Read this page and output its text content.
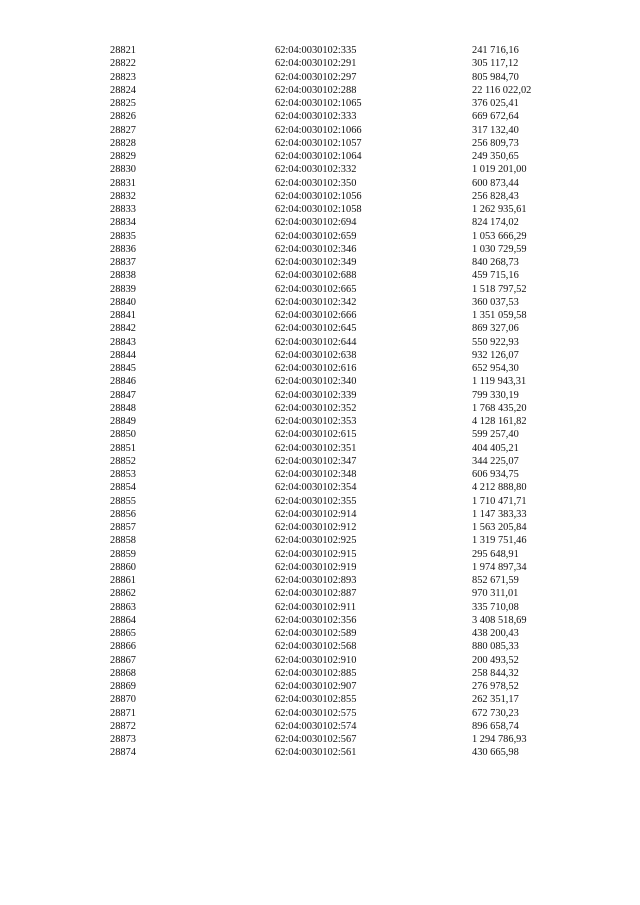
28821	62:04:0030102:335	241 716,16
28822	62:04:0030102:291	305 117,12
28823	62:04:0030102:297	805 984,70
28824	62:04:0030102:288	22 116 022,02
28825	62:04:0030102:1065	376 025,41
28826	62:04:0030102:333	669 672,64
28827	62:04:0030102:1066	317 132,40
28828	62:04:0030102:1057	256 809,73
28829	62:04:0030102:1064	249 350,65
28830	62:04:0030102:332	1 019 201,00
28831	62:04:0030102:350	600 873,44
28832	62:04:0030102:1056	256 828,43
28833	62:04:0030102:1058	1 262 935,61
28834	62:04:0030102:694	824 174,02
28835	62:04:0030102:659	1 053 666,29
28836	62:04:0030102:346	1 030 729,59
28837	62:04:0030102:349	840 268,73
28838	62:04:0030102:688	459 715,16
28839	62:04:0030102:665	1 518 797,52
28840	62:04:0030102:342	360 037,53
28841	62:04:0030102:666	1 351 059,58
28842	62:04:0030102:645	869 327,06
28843	62:04:0030102:644	550 922,93
28844	62:04:0030102:638	932 126,07
28845	62:04:0030102:616	652 954,30
28846	62:04:0030102:340	1 119 943,31
28847	62:04:0030102:339	799 330,19
28848	62:04:0030102:352	1 768 435,20
28849	62:04:0030102:353	4 128 161,82
28850	62:04:0030102:615	599 257,40
28851	62:04:0030102:351	404 405,21
28852	62:04:0030102:347	344 225,07
28853	62:04:0030102:348	606 934,75
28854	62:04:0030102:354	4 212 888,80
28855	62:04:0030102:355	1 710 471,71
28856	62:04:0030102:914	1 147 383,33
28857	62:04:0030102:912	1 563 205,84
28858	62:04:0030102:925	1 319 751,46
28859	62:04:0030102:915	295 648,91
28860	62:04:0030102:919	1 974 897,34
28861	62:04:0030102:893	852 671,59
28862	62:04:0030102:887	970 311,01
28863	62:04:0030102:911	335 710,08
28864	62:04:0030102:356	3 408 518,69
28865	62:04:0030102:589	438 200,43
28866	62:04:0030102:568	880 085,33
28867	62:04:0030102:910	200 493,52
28868	62:04:0030102:885	258 844,32
28869	62:04:0030102:907	276 978,52
28870	62:04:0030102:855	262 351,17
28871	62:04:0030102:575	672 730,23
28872	62:04:0030102:574	896 658,74
28873	62:04:0030102:567	1 294 786,93
28874	62:04:0030102:561	430 665,98
